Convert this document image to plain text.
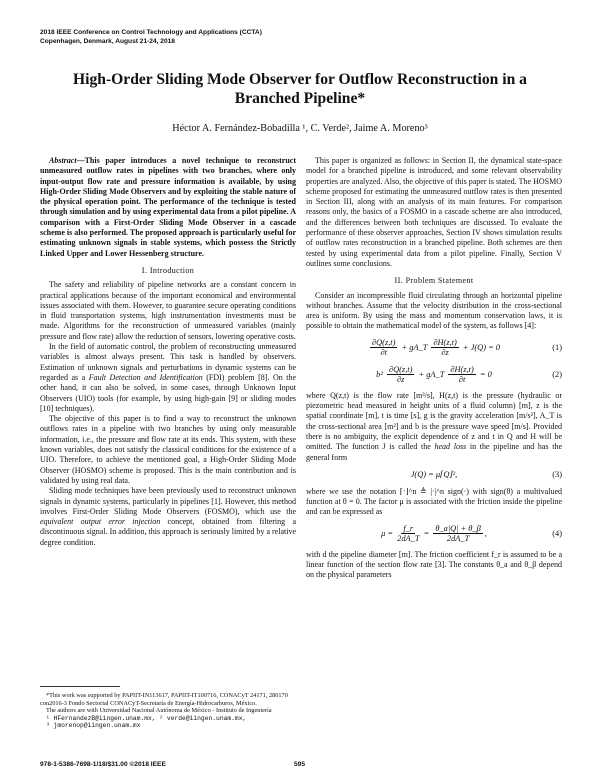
2018 IEEE Conference on Control Technology and Applications (CCTA)
Copenhagen, Denmark, August 21-24, 2018
High-Order Sliding Mode Observer for Outflow Reconstruction in a Branched Pipeline*
Héctor A. Fernández-Bobadilla ¹, C. Verde², Jaime A. Moreno³

Abstract—This paper introduces a novel technique to reconstruct unmeasured outflow rates in pipelines with two branches, where only input-output flow rate and pressure information is available, by using High-Order Sliding Mode Observers and by exploiting the stable nature of the physical operation point. The performance of the technique is tested through simulation and by using experimental data from a pilot pipeline. A comparison with a First-Order Sliding Mode Observer in a cascade scheme is also performed. The proposed approach is particularly useful for estimating unknown signals in stable systems, which possess the Strictly Linked Upper and Lower Hessenberg structure.

I. Introduction

The safety and reliability of pipeline networks are a constant concern in practical applications because of the important economical and environmental issues associated with them. However, to guarantee secure operating conditions in fluid transportation systems, high instrumentation investments must be made. Algorithms for the reconstruction of unmeasured variables (mainly pressure and flow rate) allow the reduction of sensors, lowering operative costs.

In the field of automatic control, the problem of reconstructing unmeasured variables is almost always present. This task is handled by observers. Estimation of unknown signals and perturbations in dynamic systems can be regarded as a Fault Detection and Identification (FDI) problem [8]. On the other hand, it can also be solved, in some cases, through Unknown Input Observers (UIO) tools (for example, by using high-gain [9] or sliding modes [10] techniques).

The objective of this paper is to find a way to reconstruct the unknown outflows rates in a pipeline with two branches by using only measurable information, i.e., the pressure and flow rate at its ends. This system, with these known variables, does not satisfy the classical conditions for the existence of a UIO. Therefore, to achieve the mentioned goal, a High-Order Sliding Mode Observer (HOSMO) scheme is proposed. This is the main contribution and is validated by using real data.

Sliding mode techniques have been previously used to reconstruct unknown signals in dynamic systems, particularly in pipelines [1]. However, this method involves First-Order Sliding Mode Observers (FOSMO), which use the equivalent output error injection concept, obtained from filtering a discontinuous signal. In addition, this approach is seriously limited by a relative degree condition.

This paper is organized as follows: in Section II, the dynamical state-space model for a branched pipeline is introduced, and some relevant observability properties are analyzed. Also, the objective of this paper is stated. The HOSMO scheme proposed for estimating the unmeasured outflow rates is then presented in Section III, along with an analysis of its main features. For comparison reasons only, the basics of a FOSMO in a cascade scheme are also introduced, and the differences between both techniques are discussed. To evaluate the performance of these observer approaches, Section IV shows simulation results of outflow rates reconstruction in a branched pipeline. Both schemes are then tested by using experimental data from a pilot pipeline. Finally, Section V outlines some conclusions.

II. Problem Statement

Consider an incompressible fluid circulating through an horizontal pipeline without branches. Assume that the velocity distribution in the cross-sectional area is uniform. By using the mass and momentum conservation laws, it is possible to obtain the mathematical model of the system, as follows [4]:

$\frac{\partial Q(z,t)}{\partial t}$ + gA_T $\frac{\partial H(z,t)}{\partial z} + J(Q) = 0$	(1)
$b^2 \frac{\partial Q(z,t)}{\partial z}$ + gA_T $\frac{\partial H(z,t)}{\partial t} = 0$	(2)

where Q(z,t) is the flow rate [m³/s], H(z,t) is the pressure (hydraulic or piezometric head measured in height units of a fluid column) [m], z is the spatial coordinate [m], t is time [s], g is the gravity acceleration [m/s²], A_T is the cross-sectional area [m²] and b is the pressure wave speed [m/s]. Provided there is no ambiguity, the explicit dependence of z and t in Q and H will be omitted. The function J is called the head loss in the pipeline and has the general form

J(Q) = μ⌈Q⌋²,	(3)

where we use the notation ⌈·⌋^n ≜ |·|^n sign(·) with sign(θ) a multivalued function at θ = 0. The factor μ is associated with the friction inside the pipeline and can be expressed as

$\mu = \frac{f\_r}{2dA\_T} = \frac{\theta\_a|Q| + \theta\_\beta}{2dA\_T}$ ,	(4)

with d the pipeline diameter [m]. The friction coefficient f_r is assumed to be a linear function of the section flow rate [3]. The constants θ_a and θ_β depend on the physical parameters

*This work was supported by PAPIIT-IN113617, PAPIIT-IT100716, CONACyT 24171, 280170 con2016-3 Fondo Sectorial CONACyT-Secretaría de Energía-Hidrocarburos, México.

The authors are with Universidad Nacional Autónoma de México - Instituto de Ingeniería

¹ HFernandezB@iingen.unam.mx, ² verde@iingen.unam.mx,

³ jmorenop@iingen.unam.mx

978-1-5386-7698-1/18/$31.00 ©2018 IEEE	595
